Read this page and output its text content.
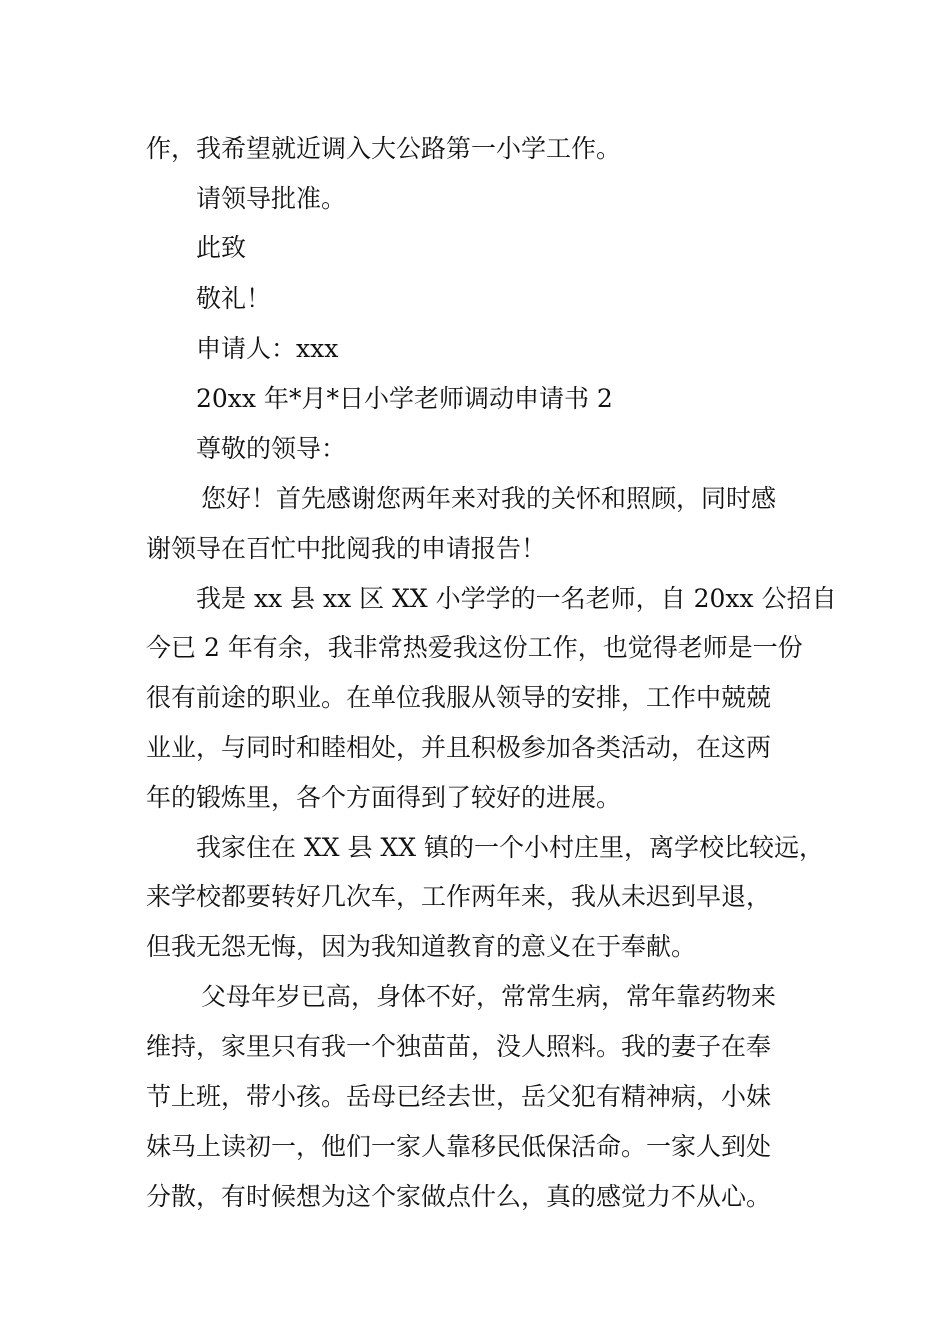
作，我希望就近调入大公路第一小学工作。
请领导批准。
此致
敬礼！
申请人：xxx
20xx 年*月*日小学老师调动申请书 2
尊敬的领导：
您好！首先感谢您两年来对我的关怀和照顾，同时感
谢领导在百忙中批阅我的申请报告！
我是 xx 县 xx 区 XX 小学学的一名老师，自 20xx 公招自
今已 2 年有余，我非常热爱我这份工作，也觉得老师是一份
很有前途的职业。在单位我服从领导的安排，工作中兢兢
业业，与同时和睦相处，并且积极参加各类活动，在这两
年的锻炼里，各个方面得到了较好的进展。
我家住在 XX 县 XX 镇的一个小村庄里，离学校比较远，
来学校都要转好几次车，工作两年来，我从未迟到早退，
但我无怨无悔，因为我知道教育的意义在于奉献。
父母年岁已高，身体不好，常常生病，常年靠药物来
维持，家里只有我一个独苗苗，没人照料。我的妻子在奉
节上班，带小孩。岳母已经去世，岳父犯有精神病，小妹
妹马上读初一，他们一家人靠移民低保活命。一家人到处
分散，有时候想为这个家做点什么，真的感觉力不从心。
